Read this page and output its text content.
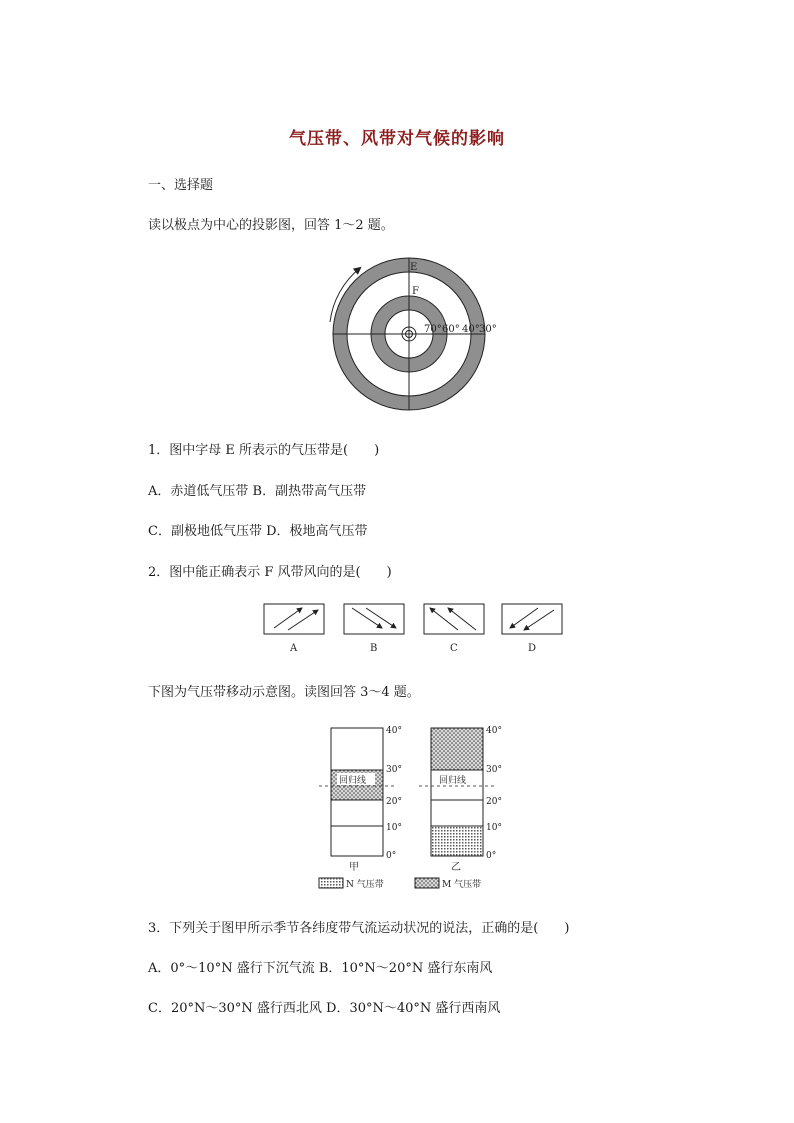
气压带、风带对气候的影响
一、选择题
读以极点为中心的投影图，回答 1～2 题。
E
F
70° 60° 40° 30°
1．图中字母 E 所表示的气压带是(　　)
A．赤道低气压带 B．副热带高气压带
C．副极地低气压带 D．极地高气压带
2．图中能正确表示 F 风带风向的是(　　)
A	B	C	D
下图为气压带移动示意图。读图回答 3～4 题。
回归线
40°
30°
20°
10°
0°
甲
回归线
40°
30°
20°
10°
0°
乙
N 气压带	M 气压带
3．下列关于图甲所示季节各纬度带气流运动状况的说法，正确的是(　　)
A．0°～10°N 盛行下沉气流 B．10°N～20°N 盛行东南风
C．20°N～30°N 盛行西北风 D．30°N～40°N 盛行西南风
